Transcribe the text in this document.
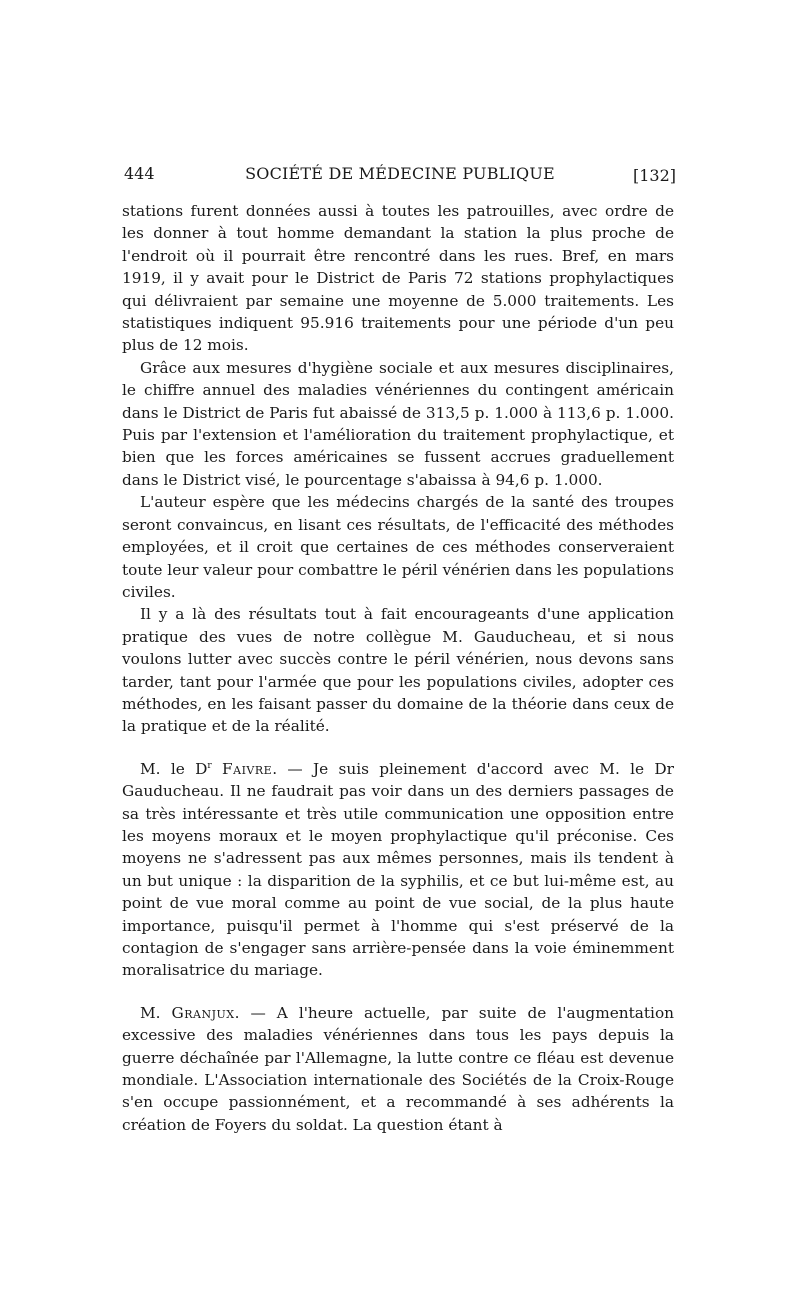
444	SOCIÉTÉ DE MÉDECINE PUBLIQUE	[132]

stations furent données aussi à toutes les patrouilles, avec ordre de les donner à tout homme demandant la station la plus proche de l'endroit où il pourrait être rencontré dans les rues. Bref, en mars 1919, il y avait pour le District de Paris 72 stations prophylactiques qui délivraient par semaine une moyenne de 5.000 traitements. Les statistiques indiquent 95.916 traitements pour une période d'un peu plus de 12 mois.

Grâce aux mesures d'hygiène sociale et aux mesures disciplinaires, le chiffre annuel des maladies vénériennes du contingent américain dans le District de Paris fut abaissé de 313,5 p. 1.000 à 113,6 p. 1.000. Puis par l'extension et l'amélioration du traitement prophylactique, et bien que les forces américaines se fussent accrues graduellement dans le District visé, le pourcentage s'abaissa à 94,6 p. 1.000.

L'auteur espère que les médecins chargés de la santé des troupes seront convaincus, en lisant ces résultats, de l'efficacité des méthodes employées, et il croit que certaines de ces méthodes conserveraient toute leur valeur pour combattre le péril vénérien dans les populations civiles.

Il y a là des résultats tout à fait encourageants d'une application pratique des vues de notre collègue M. Gauducheau, et si nous voulons lutter avec succès contre le péril vénérien, nous devons sans tarder, tant pour l'armée que pour les populations civiles, adopter ces méthodes, en les faisant passer du domaine de la théorie dans ceux de la pratique et de la réalité.

M. le $D^r$ Faivre. — Je suis pleinement d'accord avec M. le Dr Gauducheau. Il ne faudrait pas voir dans un des derniers passages de sa très intéressante et très utile communication une opposition entre les moyens moraux et le moyen prophylactique qu'il préconise. Ces moyens ne s'adressent pas aux mêmes personnes, mais ils tendent à un but unique : la disparition de la syphilis, et ce but lui-même est, au point de vue moral comme au point de vue social, de la plus haute importance, puisqu'il permet à l'homme qui s'est préservé de la contagion de s'engager sans arrière-pensée dans la voie éminemment moralisatrice du mariage.

M. Granjux. — A l'heure actuelle, par suite de l'augmentation excessive des maladies vénériennes dans tous les pays depuis la guerre déchaînée par l'Allemagne, la lutte contre ce fléau est devenue mondiale. L'Association internationale des Sociétés de la Croix-Rouge s'en occupe passionnément, et a recommandé à ses adhérents la création de Foyers du soldat. La question étant à
